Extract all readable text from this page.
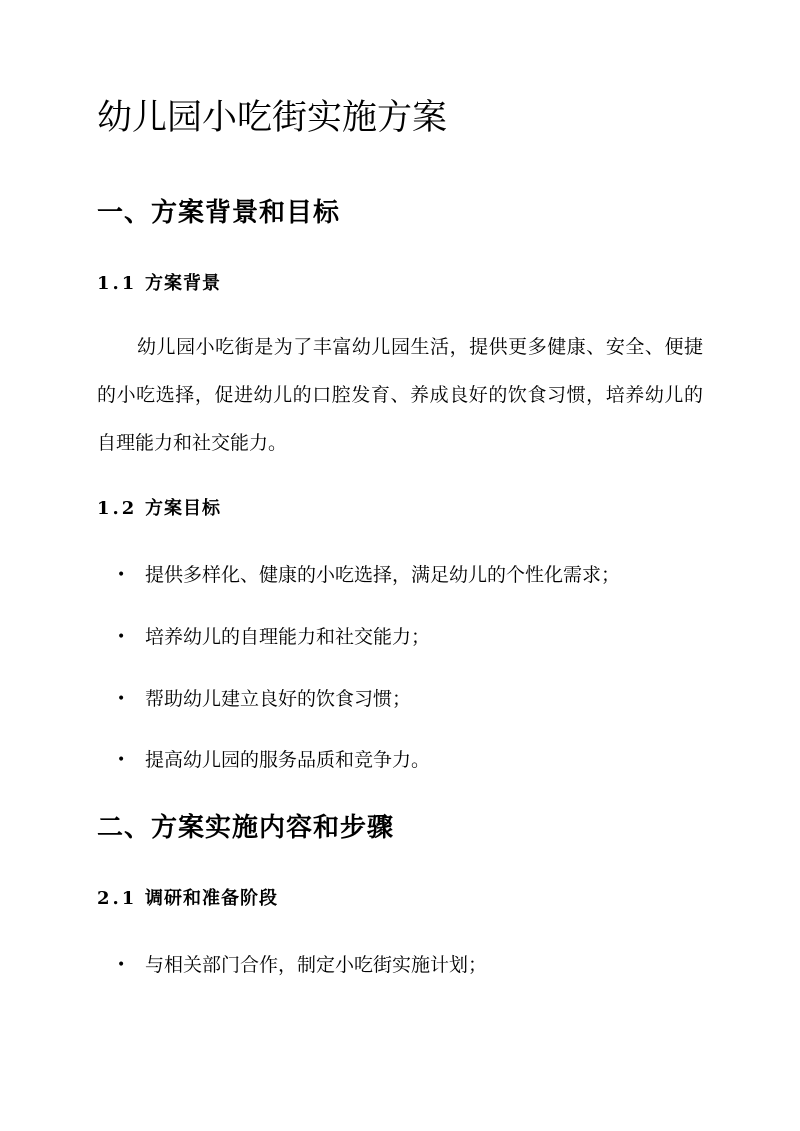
幼儿园小吃街实施方案
一、方案背景和目标
1.1 方案背景

幼儿园小吃街是为了丰富幼儿园生活，提供更多健康、安全、便捷的小吃选择，促进幼儿的口腔发育、养成良好的饮食习惯，培养幼儿的自理能力和社交能力。

1.2 方案目标

• 提供多样化、健康的小吃选择，满足幼儿的个性化需求；

• 培养幼儿的自理能力和社交能力；

• 帮助幼儿建立良好的饮食习惯；

• 提高幼儿园的服务品质和竞争力。

二、方案实施内容和步骤
2.1 调研和准备阶段

• 与相关部门合作，制定小吃街实施计划；
